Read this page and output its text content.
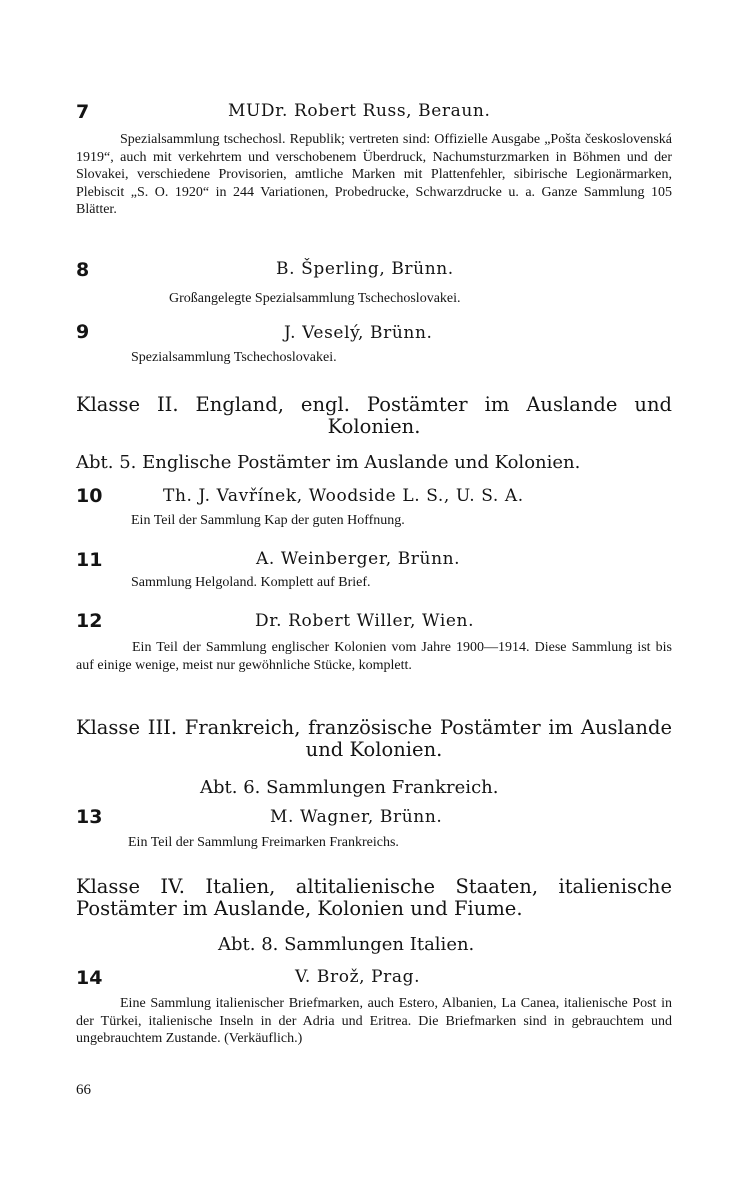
7	MUDr. Robert Russ, Beraun.
Spezialsammlung tschechosl. Republik; vertreten sind: Offizielle Ausgabe „Pošta československá 1919“, auch mit verkehrtem und verschobenem Überdruck, Nachumsturzmarken in Böhmen und der Slovakei, verschiedene Provisorien, amtliche Marken mit Plattenfehler, sibirische Legionärmarken, Plebiscit „S. O. 1920“ in 244 Variationen, Probedrucke, Schwarzdrucke u. a. Ganze Sammlung 105 Blätter.
8	B. Šperling, Brünn.
Großangelegte Spezialsammlung Tschechoslovakei.
9	J. Veselý, Brünn.
Spezialsammlung Tschechoslovakei.
Klasse II. England, engl. Postämter im Auslande und Kolonien.
Abt. 5. Englische Postämter im Auslande und Kolonien.
10	Th. J. Vavřínek, Woodside L. S., U. S. A.
Ein Teil der Sammlung Kap der guten Hoffnung.
11	A. Weinberger, Brünn.
Sammlung Helgoland. Komplett auf Brief.
12	Dr. Robert Willer, Wien.
Ein Teil der Sammlung englischer Kolonien vom Jahre 1900—1914. Diese Sammlung ist bis auf einige wenige, meist nur gewöhnliche Stücke, komplett.
Klasse III. Frankreich, französische Postämter im Auslande und Kolonien.
Abt. 6. Sammlungen Frankreich.
13	M. Wagner, Brünn.
Ein Teil der Sammlung Freimarken Frankreichs.
Klasse IV. Italien, altitalienische Staaten, italienische Postämter im Auslande, Kolonien und Fiume.
Abt. 8. Sammlungen Italien.
14	V. Brož, Prag.
Eine Sammlung italienischer Briefmarken, auch Estero, Albanien, La Canea, italienische Post in der Türkei, italienische Inseln in der Adria und Eritrea. Die Briefmarken sind in gebrauchtem und ungebrauchtem Zustande. (Verkäuflich.)
66
